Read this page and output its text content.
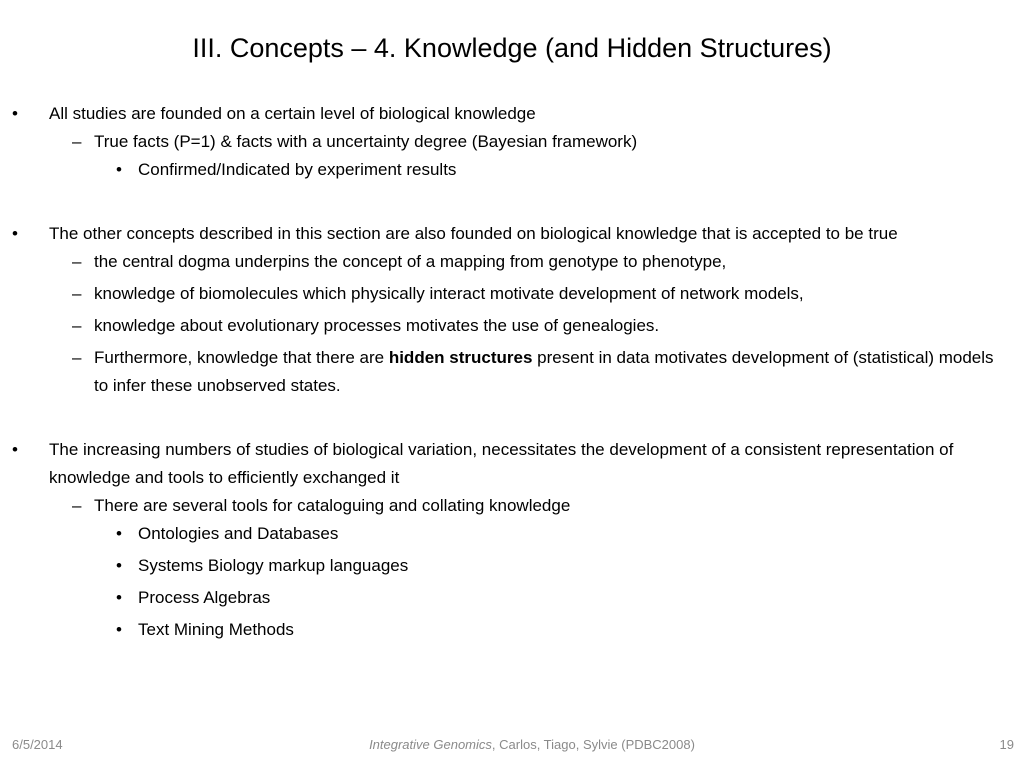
III. Concepts – 4. Knowledge (and Hidden Structures)
• All studies are founded on a certain level of biological knowledge
– True facts (P=1) & facts with a uncertainty degree (Bayesian framework)
• Confirmed/Indicated by experiment results
• The other concepts described in this section are also founded on biological knowledge that is accepted to be true
– the central dogma underpins the concept of a mapping from genotype to phenotype,
– knowledge of biomolecules which physically interact motivate development of network models,
– knowledge about evolutionary processes motivates the use of genealogies.
– Furthermore, knowledge that there are hidden structures present in data motivates development of (statistical) models to infer these unobserved states.
• The increasing numbers of studies of biological variation, necessitates the development of a consistent representation of knowledge and tools to efficiently exchanged it
– There are several tools for cataloguing and collating knowledge
• Ontologies and Databases
• Systems Biology markup languages
• Process Algebras
• Text Mining Methods
6/5/2014	Integrative Genomics, Carlos, Tiago, Sylvie (PDBC2008)	19
